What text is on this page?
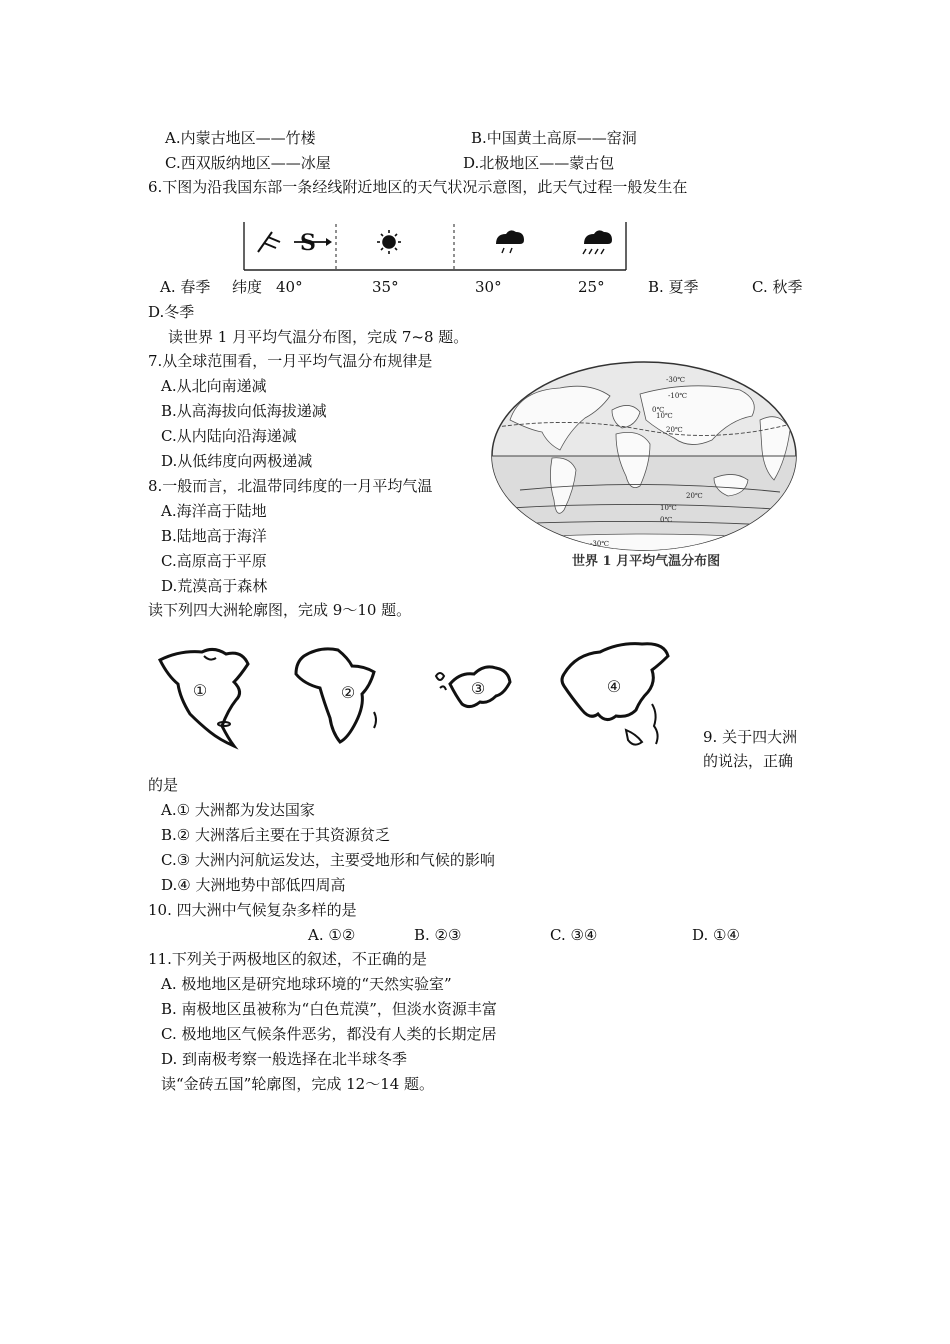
A.内蒙古地区——竹楼	B.中国黄土高原——窑洞
C.西双版纳地区——冰屋	D.北极地区——蒙古包
6.下图为沿我国东部一条经线附近地区的天气状况示意图，此天气过程一般发生在
S
A. 春季 纬度 40°	35°	30°	25°	B. 夏季	C. 秋季
D.冬季
读世界 1 月平均气温分布图，完成 7~8 题。
7.从全球范围看，一月平均气温分布规律是
A.从北向南递减
B.从高海拔向低海拔递减
C.从内陆向沿海递减
D.从低纬度向两极递减
8.一般而言，北温带同纬度的一月平均气温
A.海洋高于陆地
B.陆地高于海洋
C.高原高于平原
D.荒漠高于森林
-30℃
-10℃
0℃
10℃
20℃
20℃
10℃
0℃
-30℃
世界 1 月平均气温分布图
读下列四大洲轮廓图，完成 9～10 题。
①	②	③	④
9. 关于四大洲
的说法，正确
的是
A.① 大洲都为发达国家
B.② 大洲落后主要在于其资源贫乏
C.③ 大洲内河航运发达，主要受地形和气候的影响
D.④ 大洲地势中部低四周高
10. 四大洲中气候复杂多样的是
A. ①②	B. ②③	C. ③④	D. ①④
11.下列关于两极地区的叙述，不正确的是
A. 极地地区是研究地球环境的“天然实验室”
B. 南极地区虽被称为“白色荒漠”，但淡水资源丰富
C. 极地地区气候条件恶劣，都没有人类的长期定居
D. 到南极考察一般选择在北半球冬季
读“金砖五国”轮廓图，完成 12～14 题。
